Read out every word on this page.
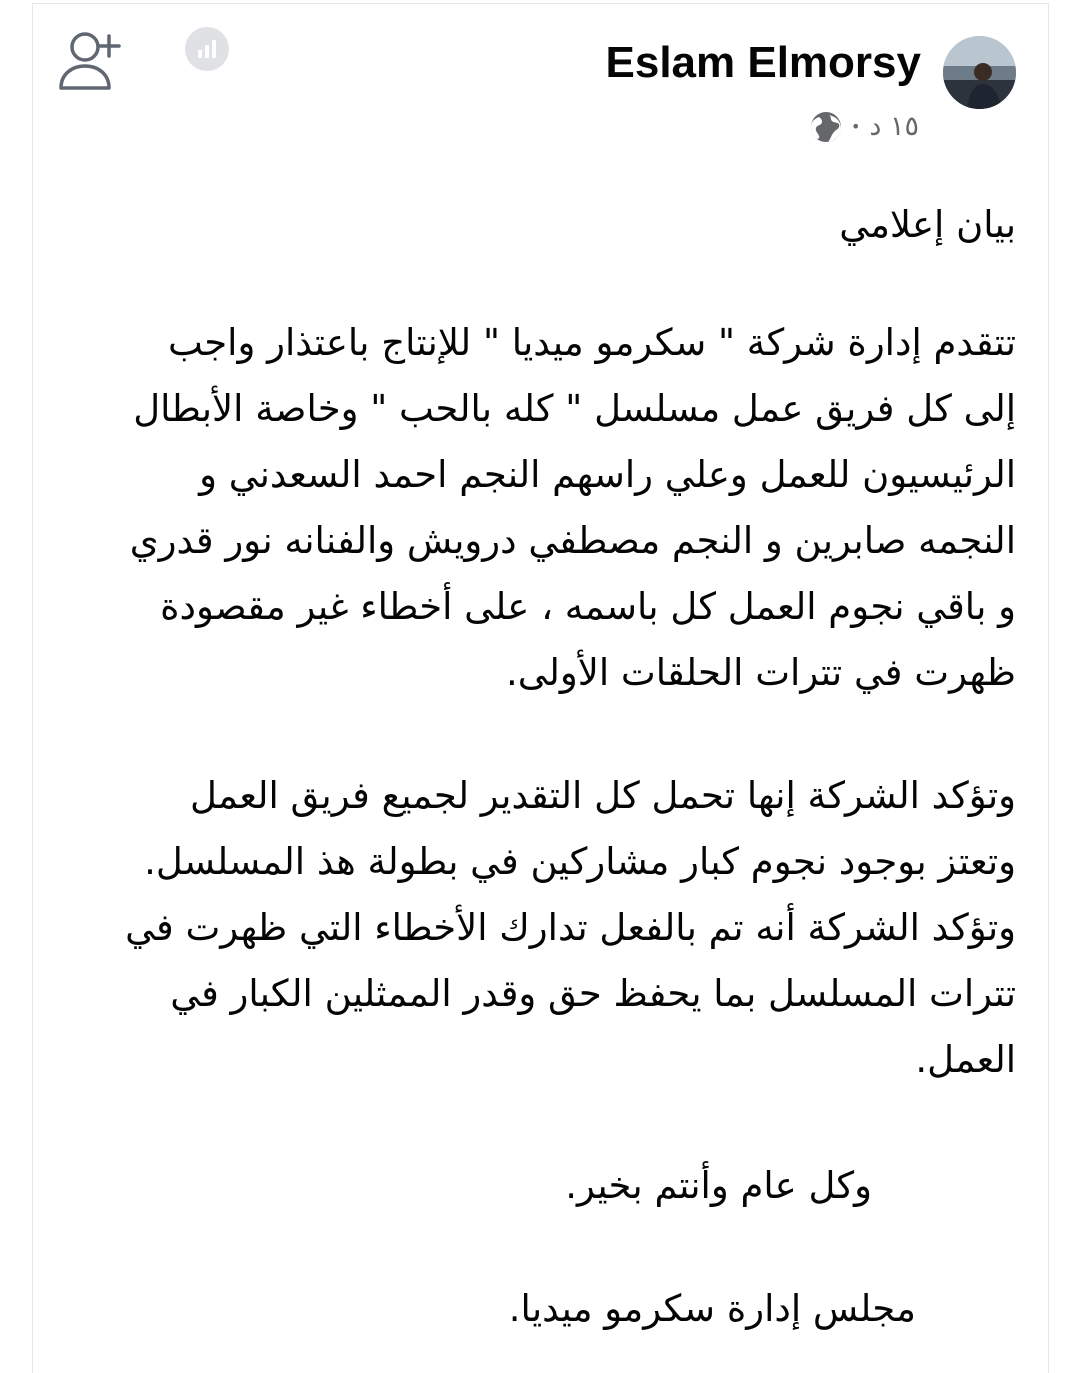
Eslam Elmorsy
• ١٥ د
بيان إعلامي
تتقدم إدارة شركة " سكرمو ميديا " للإنتاج باعتذار واجب
إلى كل فريق عمل مسلسل " كله بالحب " وخاصة الأبطال
الرئيسيون للعمل وعلي راسهم النجم احمد السعدني و
النجمه صابرين و النجم مصطفي درويش والفنانه نور قدري
و باقي نجوم العمل كل باسمه ، على أخطاء غير مقصودة
ظهرت في تترات الحلقات الأولى.
وتؤكد الشركة إنها تحمل كل التقدير لجميع فريق العمل
وتعتز بوجود نجوم كبار مشاركين في بطولة هذ المسلسل.
وتؤكد الشركة أنه تم بالفعل تدارك الأخطاء التي ظهرت في
تترات المسلسل بما يحفظ حق وقدر الممثلين الكبار في
العمل.
وكل عام وأنتم بخير.
مجلس إدارة سكرمو ميديا.
